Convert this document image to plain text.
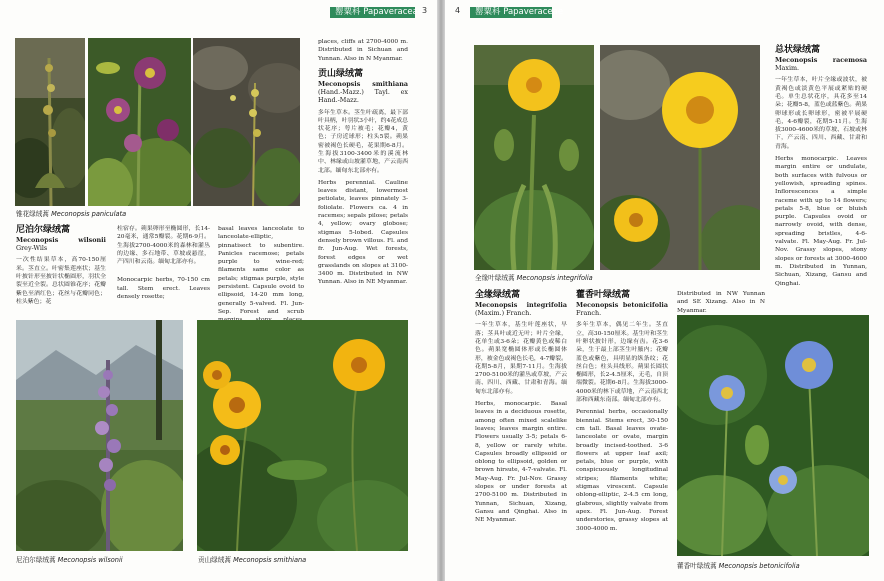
罂粟科 Papaveraceae
3
锥花绿绒蒿 Meconopsis paniculata
尼泊尔绿绒蒿
Meconopsis wilsonii Grey-Wils

一次性结果草本，高70-150厘米。茎直立。叶密集莲座状；基生叶披针形至披针状椭圆形，羽状全裂至近全裂。总状圆锥花序；花瓣紫色至酒红色；花丝与花瓣同色；柱头紫色；花

柱宿存。蒴果卵形至椭圆形，长14-20毫米，通常5瓣裂。花期6-9月。生海拔2700-4000米的森林和灌丛的边缘、多石地带、草坡或悬崖，产四川和云南。缅甸北部亦有。

Monocarpic herbs, 70-150 cm tall. Stem erect. Leaves densely rosette;

basal leaves lanceolate to lanceolate-elliptic, pinnatisect to subentire. Panicles racemose; petals purple to wine-red; filaments same color as petals; stigmas purple, style persistent. Capsule ovoid to ellipsoid, 14-20 mm long, generally 5-valved. Fl. Jun-Sep. Forest and scrub

places, cliffs at 2700-4000 m. Distributed in Sichuan and Yunnan. Also in N Myanmar.

贡山绿绒蒿
Meconopsis smithiana (Hand.-Mazz.) Tayl. ex Hand.-Mazz.

多年生草本。茎生叶疏离，最下部叶具柄，叶羽状3小叶，约4花成总状花序；萼片被毛；花瓣4，黄色；子房近球形；柱头5裂。蒴果密被褐色长硬毛，花果期6-8月。生海拔3100-3400米的溪流林中、林缘或山坡灌草地，产云南西北部。缅甸东北部亦有。

Herbs perennial. Cauline leaves distant, lowermost petiolate, leaves pinnately 3-foliolate. Flowers ca. 4 in racemes; sepals pilose; petals 4, yellow; ovary globose; stigmas 5-lobed. Capsules densely brown villous. Fl. and fr. Jun-Aug. Wet forests, forest edges or wet grasslands on slopes at 3100-3400 m. Distributed in NW Yunnan. Also in NE Myanmar.

尼泊尔绿绒蒿 Meconopsis wilsonii	贡山绿绒蒿 Meconopsis smithiana
4	罂粟科 Papaveraceae
全缘叶绿绒蒿 Meconopsis integrifolia
总状绿绒蒿
Meconopsis racemosa Maxim.

一年生草本，叶片全缘或波状，被黄褐色或淡黄色平展或紧贴的硬毛。单生总状花序，具花多至14朵；花瓣5-8，蓝色或蓝紫色。蒴果卵球形或长卵球形，密被平展硬毛，4-6瓣裂，花期5-11月。生海拔3000-4600米的草坡、石坡或林下，产云南、四川、西藏、甘肃和青海。

Herbs monocarpic. Leaves margin entire or undulate, both surfaces with fulvous or yellowish, spreading spines. Inflorescences a simple raceme with up to 14 flowers; petals 5-8, blue or bluish purple. Capsules ovoid or narrowly ovoid, with dense, spreading bristles, 4-6-valvate. Fl. May-Aug. Fr. Jul-Nov. Grassy slopes, stony slopes or forests at 3000-4600 m. Distributed in Yunnan, Sichuan, Xizang, Gansu and Qinghai.

Distributed in NW Yunnan and SE Xizang. Also in N Myanmar.

全缘绿绒蒿
Meconopsis integrifolia (Maxim.) Franch.

一年生草本，基生叶莲座状，早落；茎具叶或近无叶；叶片全缘，花单生或3-6朵；花瓣黄色或稀白色。蒴果宽椭圆体形或长椭圆体形，被金色或褐色长毛，4-7瓣裂。花期5-8月，果期7-11月。生海拔2700-5100米的灌丛或草坡，产云南、四川、西藏、甘肃和青海。缅甸东北部亦有。

Herbs, monocarpic. Basal leaves in a deciduous rosette, among often mixed scalelike leaves; leaves margin entire. Flowers usually 3-5; petals 6-8, yellow or rarely white. Capsules broadly ellipsoid or oblong to ellipsoid, golden or brown hirsute, 4-7-valvate. Fl. May-Aug. Fr. Jul-Nov. Grassy slopes or under forests at 2700-5100 m. Distributed in Yunnan, Sichuan, Xizang, Gansu and Qinghai. Also in NE Myanmar.

藿香叶绿绒蒿
Meconopsis betonicifolia Franch.

多年生草本，偶见二年生。茎直立，高30-150厘米。基生叶和茎生叶卵状披针形，边缘有齿。花3-6朵，生于最上部茎生叶腋内；花瓣蓝色或紫色，具明显的纵条纹；花丝白色；柱头具线形。蒴果长圆状椭圆形，长2-4.5厘米，无毛，自顶端微裂。花期6-8月。生海拔3000-4000米的林下或草地，产云南西北部和西藏东南部。缅甸北部亦有。

Perennial herbs, occasionally biennial. Stems erect, 30-150 cm tall. Basal leaves ovate-lanceolate or ovate, margin broadly incised-toothed. 3-6 flowers at upper leaf axil; petals, blue or purple, with conspicuously longitudinal stripes; filaments white; stigmas virescent. Capsule oblong-elliptic, 2-4.5 cm long, glabrous, slightly valvate from apex. Fl. Jun-Aug. Forest understories, grassy slopes at 3000-4000 m.

藿香叶绿绒蒿 Meconopsis betonicifolia
